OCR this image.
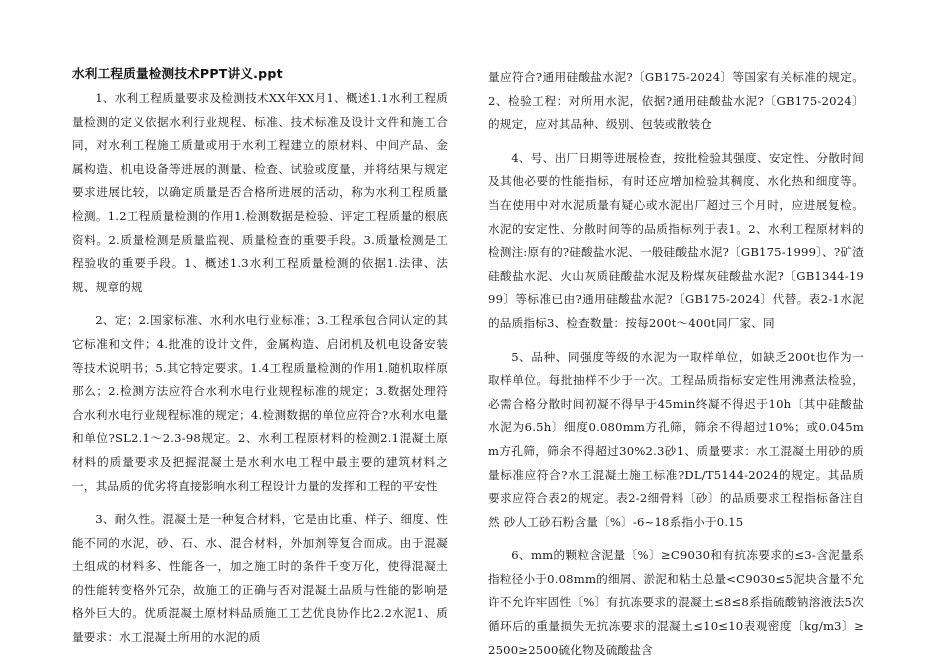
水利工程质量检测技术PPT讲义.ppt

1、水利工程质量要求及检测技术XX年XX月1、概述1.1水利工程质量检测的定义依据水利行业规程、标准、技术标准及设计文件和施工合同，对水利工程施工质量或用于水利工程建立的原材料、中间产品、金属构造、机电设备等进展的测量、检查、试验或度量，并将结果与规定要求进展比较，以确定质量是否合格所进展的活动，称为水利工程质量检测。1.2工程质量检测的作用1.检测数据是检验、评定工程质量的根底资料。2.质量检测是质量监视、质量检查的重要手段。3.质量检测是工程验收的重要手段。1、概述1.3水利工程质量检测的依据1.法律、法规、规章的规

2、定；2.国家标准、水利水电行业标准；3.工程承包合同认定的其它标准和文件；4.批准的设计文件，金属构造、启闭机及机电设备安装等技术说明书；5.其它特定要求。1.4工程质量检测的作用1.随机取样原那么；2.检测方法应符合水利水电行业规程标准的规定；3.数据处理符合水利水电行业规程标准的规定；4.检测数据的单位应符合?水利水电量和单位?SL2.1～2.3-98规定。2、水利工程原材料的检测2.1混凝土原材料的质量要求及把握混凝土是水利水电工程中最主要的建筑材料之一，其品质的优劣将直接影响水利工程设计力量的发挥和工程的平安性

3、耐久性。混凝土是一种复合材料，它是由比重、样子、细度、性能不同的水泥，砂、石、水、混合材料，外加剂等复合而成。由于混凝土组成的材料多、性能各一，加之施工时的条件千变万化，使得混凝土的性能转变格外冗杂，故施工的正确与否对混凝土品质与性能的影响是格外巨大的。优质混凝土原材料品质施工工艺优良协作比2.2水泥1、质量要求：水工混凝土所用的水泥的质

量应符合?通用硅酸盐水泥?〔GB175-2024〕等国家有关标准的规定。2、检验工程：对所用水泥，依据?通用硅酸盐水泥?〔GB175-2024〕的规定，应对其品种、级别、包装或散装仓

4、号、出厂日期等进展检查，按批检验其强度、安定性、分散时间及其他必要的性能指标，有时还应增加检验其稠度、水化热和细度等。当在使用中对水泥质量有疑心或水泥出厂超过三个月时，应进展复检。水泥的安定性、分散时间等的品质指标列于表1。2、水利工程原材料的检测注:原有的?硅酸盐水泥、一般硅酸盐水泥?〔GB175-1999〕、?矿渣硅酸盐水泥、火山灰质硅酸盐水泥及粉煤灰硅酸盐水泥?〔GB1344-1999〕等标准已由?通用硅酸盐水泥?〔GB175-2024〕代替。表2-1水泥的品质指标3、检查数量：按每200t～400t同厂家、同

5、品种、同强度等级的水泥为一取样单位，如缺乏200t也作为一取样单位。每批抽样不少于一次。工程品质指标安定性用沸煮法检验，必需合格分散时间初凝不得早于45min终凝不得迟于10h〔其中硅酸盐水泥为6.5h〕细度0.080mm方孔筛，筛余不得超过10%；或0.045mm方孔筛，筛余不得超过30%2.3砂1、质量要求：水工混凝土用砂的质量标准应符合?水工混凝土施工标准?DL/T5144-2024的规定。其品质要求应符合表2的规定。表2-2细骨料〔砂〕的品质要求工程指标备注自然 砂人工砂石粉含量〔%〕-6~18系指小于0.15

6、mm的颗粒含泥量〔%〕≥C9030和有抗冻要求的≤3-含泥量系指粒径小于0.08mm的细屑、淤泥和粘土总量<C9030≤5泥块含量不允许不允许牢固性〔%〕有抗冻要求的混凝土≤8≤8系指硫酸钠溶液法5次循环后的重量损失无抗冻要求的混凝土≤10≤10表观密度〔kg/m3〕≥2500≥2500硫化物及硫酸盐含
